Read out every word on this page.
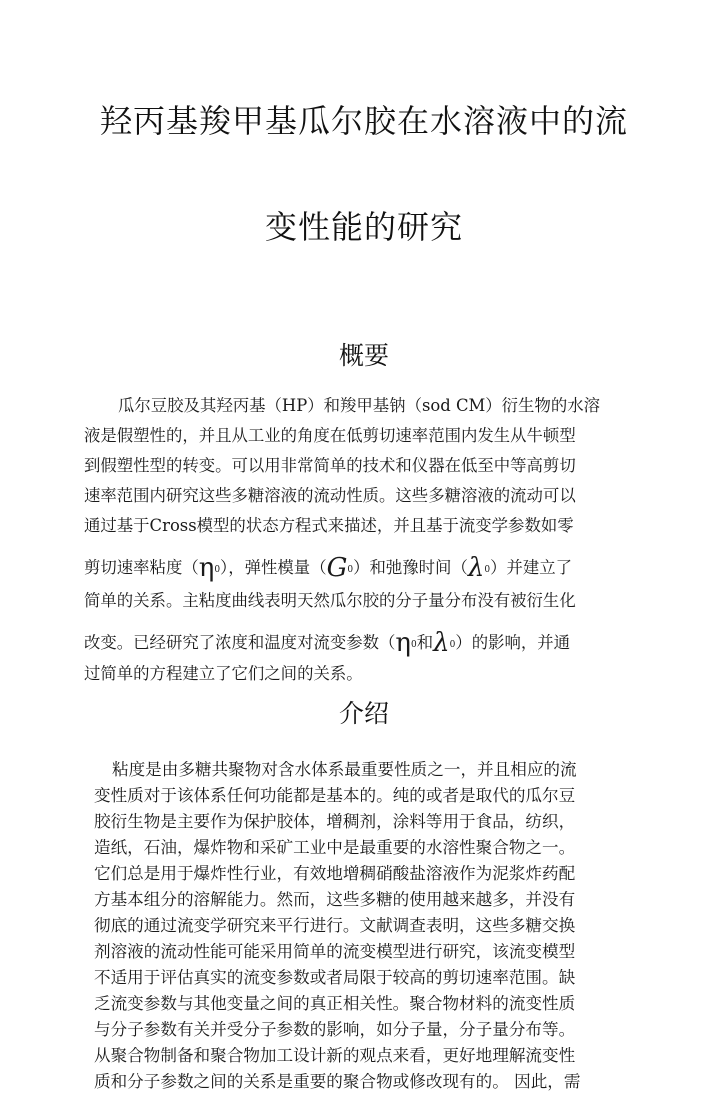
羟丙基羧甲基瓜尔胶在水溶液中的流
变性能的研究
概要
瓜尔豆胶及其羟丙基（HP）和羧甲基钠（sod CM）衍生物的水溶
液是假塑性的，并且从工业的角度在低剪切速率范围内发生从牛顿型
到假塑性型的转变。可以用非常简单的技术和仪器在低至中等高剪切
速率范围内研究这些多糖溶液的流动性质。这些多糖溶液的流动可以
通过基于Cross模型的状态方程式来描述，并且基于流变学参数如零
剪切速率粘度（η0），弹性模量（G0）和弛豫时间（λ0）并建立了
简单的关系。主粘度曲线表明天然瓜尔胶的分子量分布没有被衍生化
改变。已经研究了浓度和温度对流变参数（η0和λ0）的影响，并通
过简单的方程建立了它们之间的关系。
介绍
粘度是由多糖共聚物对含水体系最重要性质之一，并且相应的流
变性质对于该体系任何功能都是基本的。纯的或者是取代的瓜尔豆
胶衍生物是主要作为保护胶体，增稠剂，涂料等用于食品，纺织，
造纸，石油，爆炸物和采矿工业中是最重要的水溶性聚合物之一。
它们总是用于爆炸性行业，有效地增稠硝酸盐溶液作为泥浆炸药配
方基本组分的溶解能力。然而，这些多糖的使用越来越多，并没有
彻底的通过流变学研究来平行进行。文献调查表明，这些多糖交换
剂溶液的流动性能可能采用简单的流变模型进行研究，该流变模型
不适用于评估真实的流变参数或者局限于较高的剪切速率范围。缺
乏流变参数与其他变量之间的真正相关性。聚合物材料的流变性质
与分子参数有关并受分子参数的影响，如分子量，分子量分布等。
从聚合物制备和聚合物加工设计新的观点来看，更好地理解流变性
质和分子参数之间的关系是重要的聚合物或修改现有的。 因此，需
